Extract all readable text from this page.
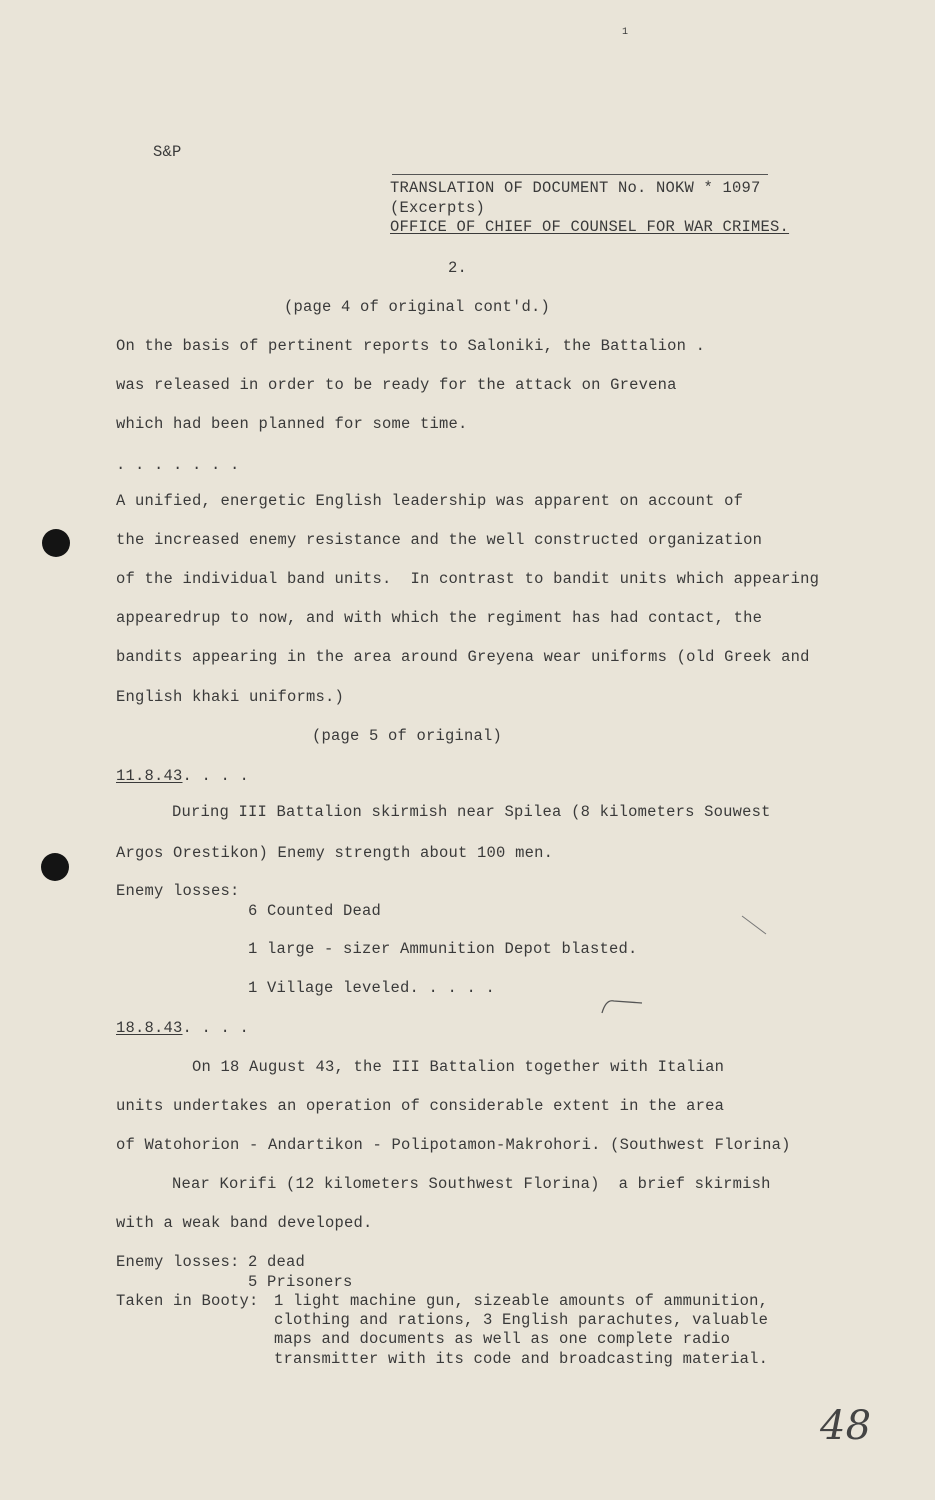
1
S&P
TRANSLATION OF DOCUMENT No. NOKW * 1097
(Excerpts)
OFFICE OF CHIEF OF COUNSEL FOR WAR CRIMES.
2.
(page 4 of original cont'd.)
On the basis of pertinent reports to Saloniki, the Battalion .
was released in order to be ready for the attack on Grevena
which had been planned for some time.
. . . . . . .
A unified, energetic English leadership was apparent on account of
the increased enemy resistance and the well constructed organization
of the individual band units.  In contrast to bandit units which appearing
appearedrup to now, and with which the regiment has had contact, the
bandits appearing in the area around Greyena wear uniforms (old Greek and
English khaki uniforms.)
(page 5 of original)
11.8.43. . . .
During III Battalion skirmish near Spilea (8 kilometers Souwest
Argos Orestikon) Enemy strength about 100 men.
Enemy losses:
6 Counted Dead
1 large - sizer Ammunition Depot blasted.
1 Village leveled. . . . .
18.8.43. . . .
On 18 August 43, the III Battalion together with Italian
units undertakes an operation of considerable extent in the area
of Watohorion - Andartikon - Polipotamon-Makrohori. (Southwest Florina)
Near Korifi (12 kilometers Southwest Florina)  a brief skirmish
with a weak band developed.
Enemy losses: 2 dead
5 Prisoners
Taken in Booty: 1 light machine gun, sizeable amounts of ammunition,
clothing and rations, 3 English parachutes, valuable
maps and documents as well as one complete radio
transmitter with its code and broadcasting material.
48
